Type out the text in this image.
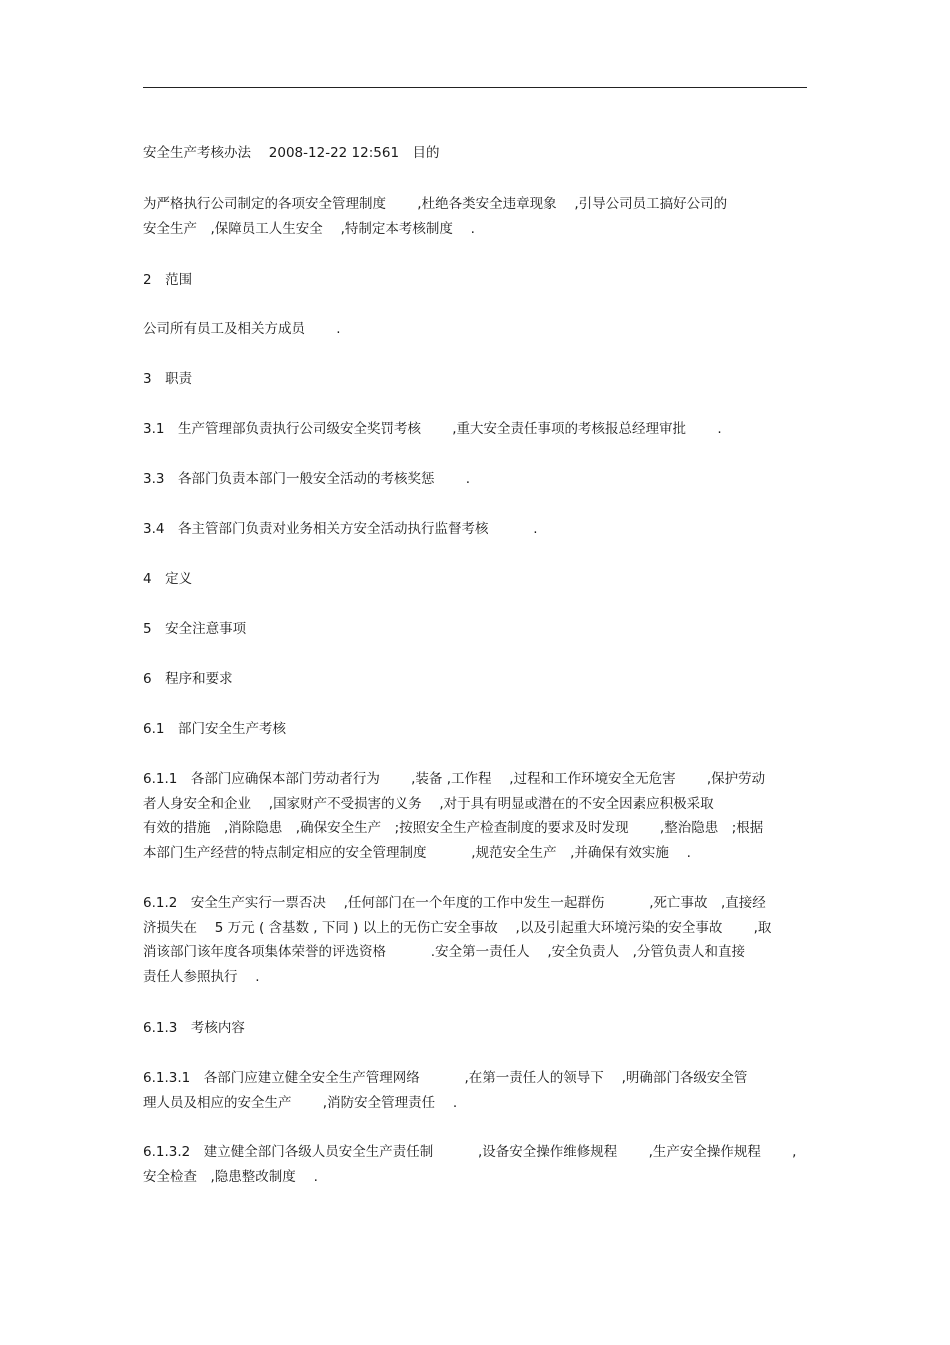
安全生产考核办法　 2008-12-22 12:561　目的
为严格执行公司制定的各项安全管理制度　　 ,杜绝各类安全违章现象　 ,引导公司员工搞好公司的
安全生产　,保障员工人生安全　 ,特制定本考核制度　 .
2　范围
公司所有员工及相关方成员　　 .
3　职责
3.1　生产管理部负责执行公司级安全奖罚考核　　 ,重大安全责任事项的考核报总经理审批　　 .
3.3　各部门负责本部门一般安全活动的考核奖惩　　 .
3.4　各主管部门负责对业务相关方安全活动执行监督考核　　　 .
4　定义
5　安全注意事项
6　程序和要求
6.1　部门安全生产考核
6.1.1　各部门应确保本部门劳动者行为　　 ,装备 ,工作程　 ,过程和工作环境安全无危害　　 ,保护劳动
者人身安全和企业　 ,国家财产不受损害的义务　 ,对于具有明显或潜在的不安全因素应积极采取
有效的措施　,消除隐患　,确保安全生产　;按照安全生产检查制度的要求及时发现　　 ,整治隐患　;根据
本部门生产经营的特点制定相应的安全管理制度　　　 ,规范安全生产　,并确保有效实施　 .
6.1.2　安全生产实行一票否决　 ,任何部门在一个年度的工作中发生一起群伤　　　 ,死亡事故　,直接经
济损失在　 5 万元 ( 含基数 , 下同 ) 以上的无伤亡安全事故　 ,以及引起重大环境污染的安全事故　　 ,取
消该部门该年度各项集体荣誉的评选资格　　　 .安全第一责任人　 ,安全负责人　,分管负责人和直接
责任人参照执行　 .
6.1.3　考核内容
6.1.3.1　各部门应建立健全安全生产管理网络　　　 ,在第一责任人的领导下　 ,明确部门各级安全管
理人员及相应的安全生产　　 ,消防安全管理责任　 .
6.1.3.2　建立健全部门各级人员安全生产责任制　　　 ,设备安全操作维修规程　　 ,生产安全操作规程　　 ,
安全检查　,隐患整改制度　 .
